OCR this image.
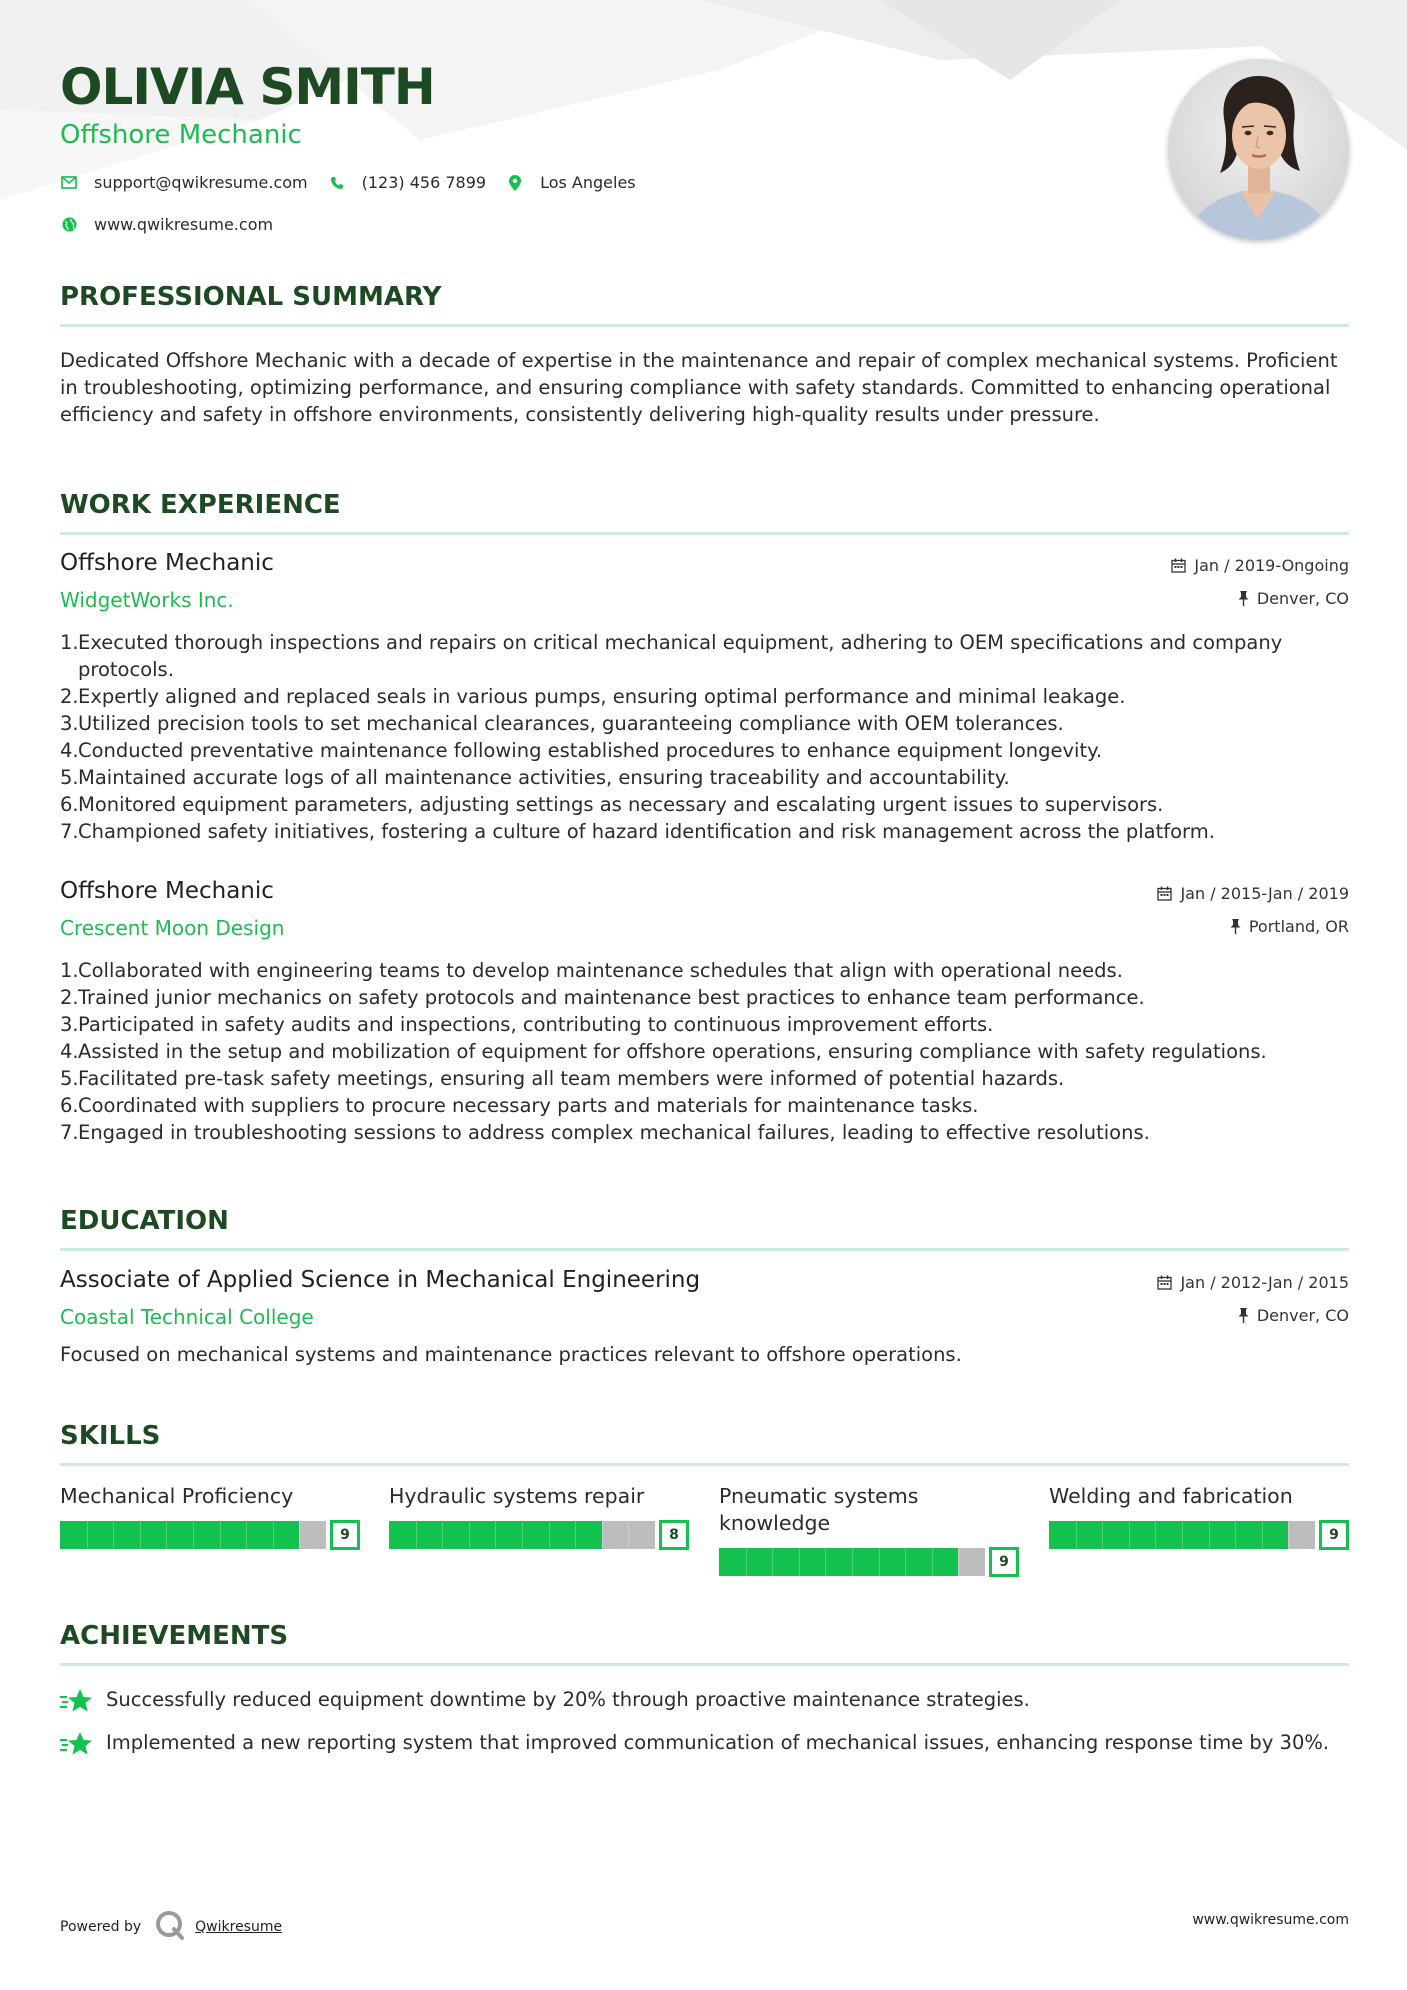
OLIVIA SMITH
Offshore Mechanic
support@qwikresume.com	(123) 456 7899	Los Angeles
www.qwikresume.com
PROFESSIONAL SUMMARY
Dedicated Offshore Mechanic with a decade of expertise in the maintenance and repair of complex mechanical systems. Proficient in troubleshooting, optimizing performance, and ensuring compliance with safety standards. Committed to enhancing operational efficiency and safety in offshore environments, consistently delivering high-quality results under pressure.
WORK EXPERIENCE
Offshore Mechanic
WidgetWorks Inc.
Jan / 2019-Ongoing
Denver, CO
1. Executed thorough inspections and repairs on critical mechanical equipment, adhering to OEM specifications and company protocols.
2. Expertly aligned and replaced seals in various pumps, ensuring optimal performance and minimal leakage.
3. Utilized precision tools to set mechanical clearances, guaranteeing compliance with OEM tolerances.
4. Conducted preventative maintenance following established procedures to enhance equipment longevity.
5. Maintained accurate logs of all maintenance activities, ensuring traceability and accountability.
6. Monitored equipment parameters, adjusting settings as necessary and escalating urgent issues to supervisors.
7. Championed safety initiatives, fostering a culture of hazard identification and risk management across the platform.
Offshore Mechanic
Crescent Moon Design
Jan / 2015-Jan / 2019
Portland, OR
1. Collaborated with engineering teams to develop maintenance schedules that align with operational needs.
2. Trained junior mechanics on safety protocols and maintenance best practices to enhance team performance.
3. Participated in safety audits and inspections, contributing to continuous improvement efforts.
4. Assisted in the setup and mobilization of equipment for offshore operations, ensuring compliance with safety regulations.
5. Facilitated pre-task safety meetings, ensuring all team members were informed of potential hazards.
6. Coordinated with suppliers to procure necessary parts and materials for maintenance tasks.
7. Engaged in troubleshooting sessions to address complex mechanical failures, leading to effective resolutions.
EDUCATION
Associate of Applied Science in Mechanical Engineering
Coastal Technical College
Jan / 2012-Jan / 2015
Denver, CO
Focused on mechanical systems and maintenance practices relevant to offshore operations.
SKILLS
Mechanical Proficiency
9
Hydraulic systems repair
8
Pneumatic systems knowledge
9
Welding and fabrication
9
ACHIEVEMENTS
Successfully reduced equipment downtime by 20% through proactive maintenance strategies.
Implemented a new reporting system that improved communication of mechanical issues, enhancing response time by 30%.
Powered by	Qwikresume	www.qwikresume.com
